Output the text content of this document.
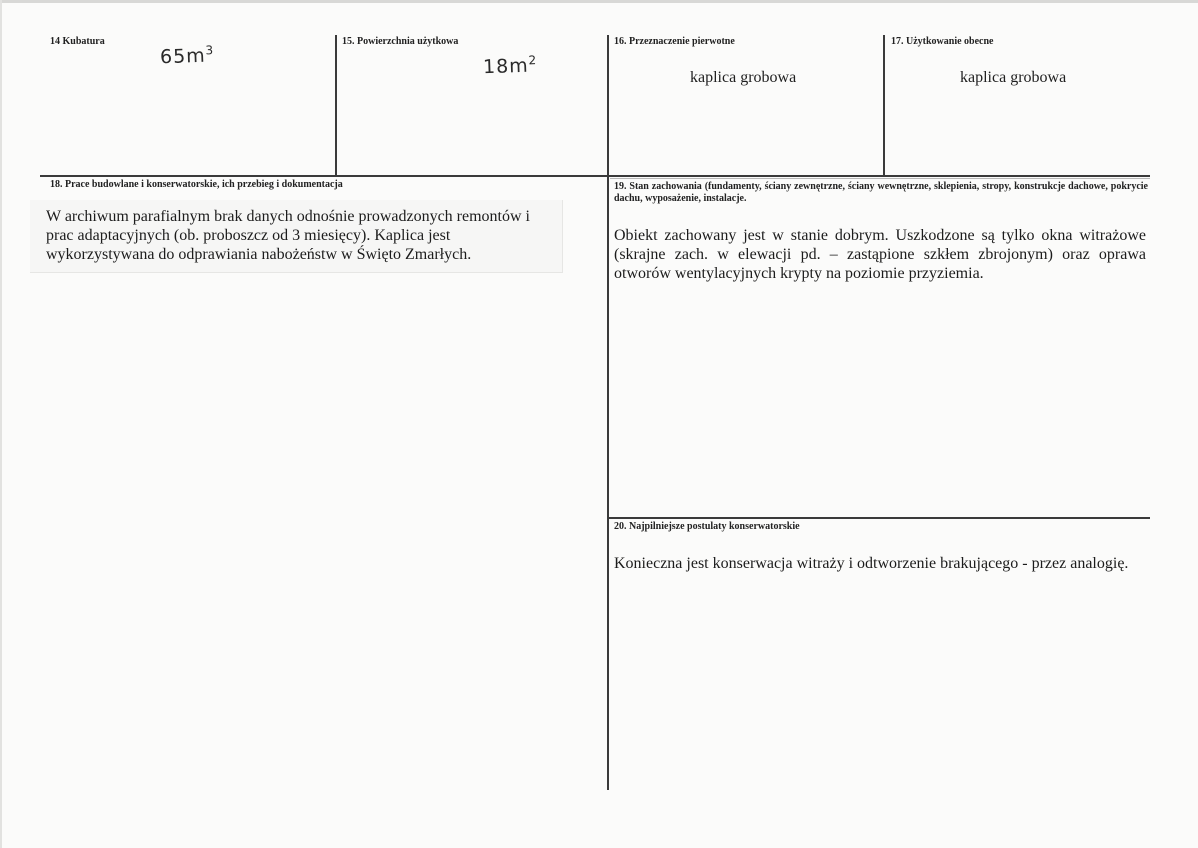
14 Kubatura
$65m^3$
15. Powierzchnia użytkowa
$18m^2$
16. Przeznaczenie pierwotne
kaplica grobowa
17. Użytkowanie obecne
kaplica grobowa
18. Prace budowlane i konserwatorskie, ich przebieg i dokumentacja
W archiwum parafialnym brak danych odnośnie prowadzonych remontów i prac adaptacyjnych (ob. proboszcz od 3 miesięcy). Kaplica jest wykorzystywana do odprawiania nabożeństw w Święto Zmarłych.
19. Stan zachowania (fundamenty, ściany zewnętrzne, ściany wewnętrzne, sklepienia, stropy, konstrukcje dachowe, pokrycie dachu, wyposażenie, instalacje.
Obiekt zachowany jest w stanie dobrym. Uszkodzone są tylko okna witrażowe (skrajne zach. w elewacji pd. – zastąpione szkłem zbrojonym) oraz oprawa otworów wentylacyjnych krypty na poziomie przyziemia.
20. Najpilniejsze postulaty konserwatorskie
Konieczna jest konserwacja witraży i odtworzenie brakującego - przez analogię.
